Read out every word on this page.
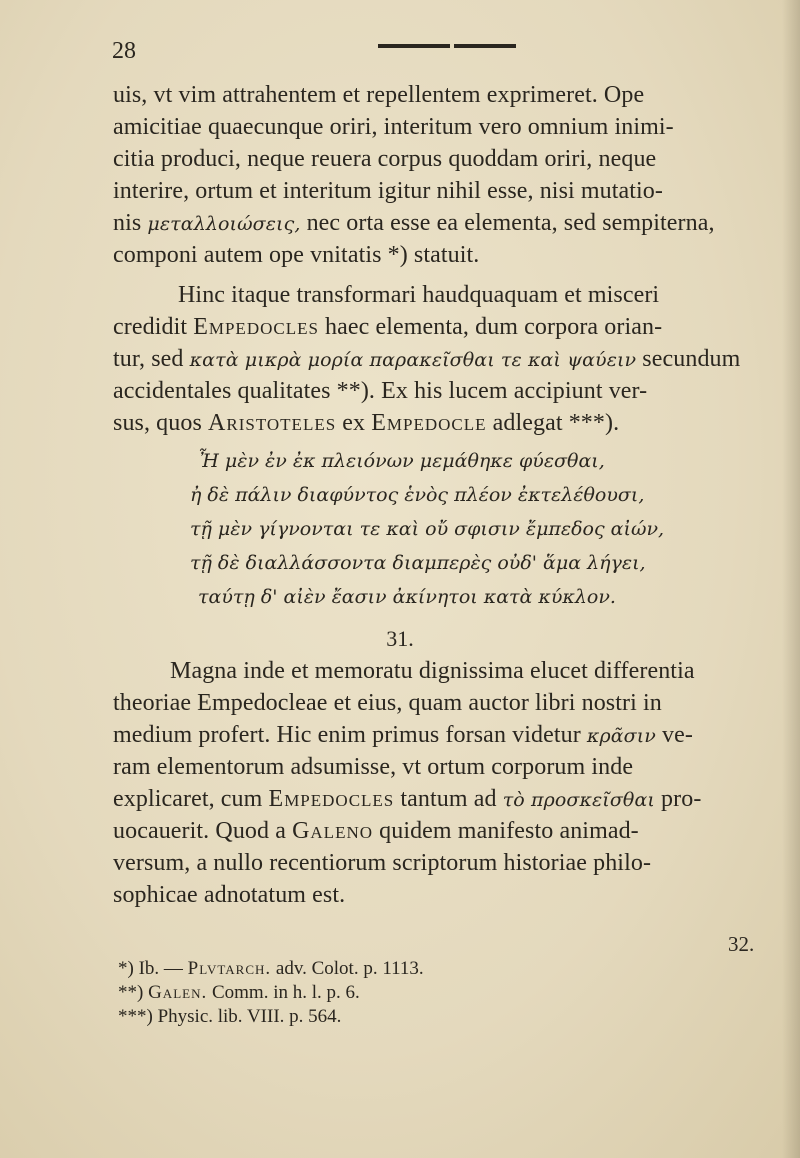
28
uis, vt vim attrahentem et repellentem exprimeret. Ope
amicitiae quaecunque oriri, interitum vero omnium inimi-
citia produci, neque reuera corpus quoddam oriri, neque
interire, ortum et interitum igitur nihil esse, nisi mutatio-
nis μεταλλοιώσεις, nec orta esse ea elementa, sed sempiterna,
componi autem ope vnitatis *) statuit.
Hinc itaque transformari haudquaquam et misceri
credidit Empedocles haec elementa, dum corpora orian-
tur, sed κατὰ μικρὰ μορία παρακεῖσθαι τε καὶ ψαύειν secundum
accidentales qualitates **). Ex his lucem accipiunt ver-
sus, quos Aristoteles ex Empedocle adlegat ***).
Ἦ μὲν ἐν ἐκ πλειόνων μεμάθηκε φύεσθαι,
ἠ δὲ πάλιν διαφύντος ἑνὸς πλέον ἐκτελέθουσι,
τῇ μὲν γίγνονται τε καὶ οὔ σφισιν ἔμπεδος αἰών,
τῇ δὲ διαλλάσσοντα διαμπερὲς οὐδ' ἅμα λήγει,
ταύτῃ δ' αἰὲν ἔασιν ἀκίνητοι κατὰ κύκλον.
31.
Magna inde et memoratu dignissima elucet differentia
theoriae Empedocleae et eius, quam auctor libri nostri in
medium profert. Hic enim primus forsan videtur κρᾶσιν ve-
ram elementorum adsumisse, vt ortum corporum inde
explicaret, cum Empedocles tantum ad τὸ προσκεῖσθαι pro-
uocauerit. Quod a Galeno quidem manifesto animad-
versum, a nullo recentiorum scriptorum historiae philo-
sophicae adnotatum est.
32.
*) Ib. — Plvtarch. adv. Colot. p. 1113.
**) Galen. Comm. in h. l. p. 6.
***) Physic. lib. VIII. p. 564.
